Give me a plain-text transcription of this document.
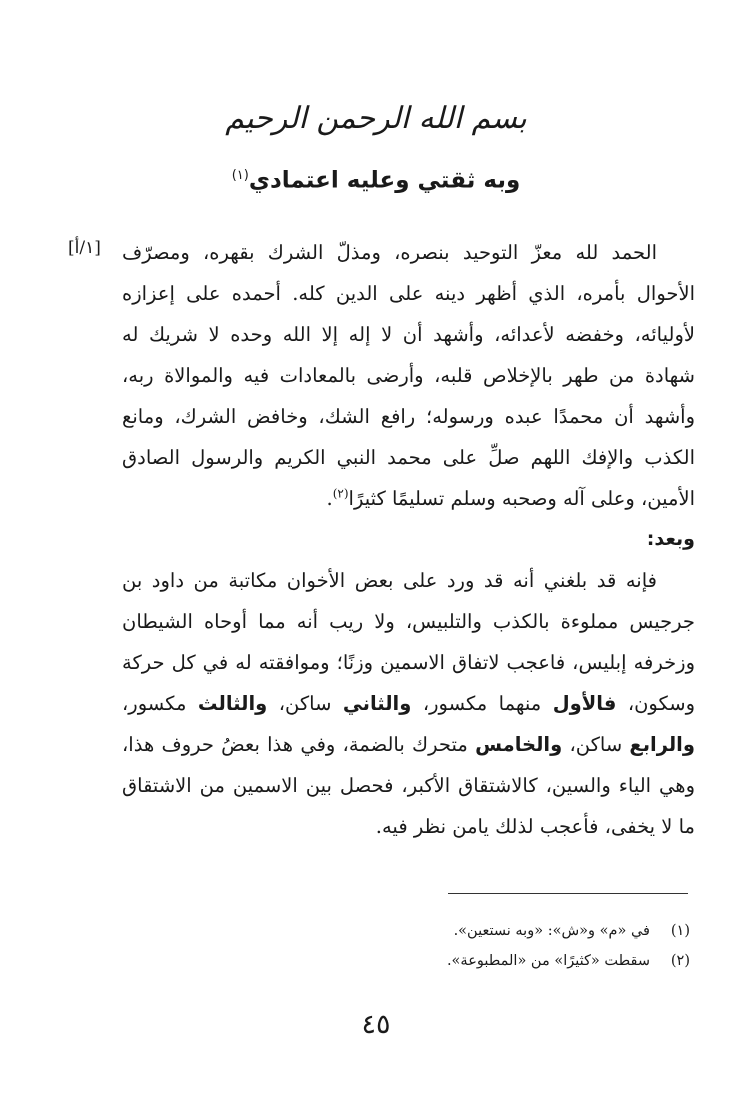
بسم الله الرحمن الرحيم
وبه ثقتي وعليه اعتمادي$^{(١)}$
[١/أ]	الحمد لله معزّ التوحيد بنصره، ومذلّ الشرك بقهره، ومصرّف الأحوال بأمره، الذي أظهر دينه على الدين كله. أحمده على إعزازه لأوليائه، وخفضه لأعدائه، وأشهد أن لا إله إلا الله وحده لا شريك له شهادة من طهر بالإخلاص قلبه، وأرضى بالمعادات فيه والموالاة ربه، وأشهد أن محمدًا عبده ورسوله؛ رافع الشك، وخافض الشرك، ومانع الكذب والإفك اللهم صلِّ على محمد النبي الكريم والرسول الصادق الأمين، وعلى آله وصحبه وسلم تسليمًا كثيرًا$^{(٢)}$.

وبعد:

فإنه قد بلغني أنه قد ورد على بعض الأخوان مكاتبة من داود بن جرجيس مملوءة بالكذب والتلبيس، ولا ريب أنه مما أوحاه الشيطان وزخرفه إبليس، فاعجب لاتفاق الاسمين وزنًا؛ وموافقته له في كل حركة وسكون، فالأول منهما مكسور، والثاني ساكن، والثالث مكسور، والرابع ساكن، والخامس متحرك بالضمة، وفي هذا بعضُ حروف هذا، وهي الياء والسين، كالاشتقاق الأكبر، فحصل بين الاسمين من الاشتقاق ما لا يخفى، فأعجب لذلك يامن نظر فيه.

(١)
في «م» و«ش»: «وبه نستعين».
(٢)
سقطت «كثيرًا» من «المطبوعة».
٤٥
